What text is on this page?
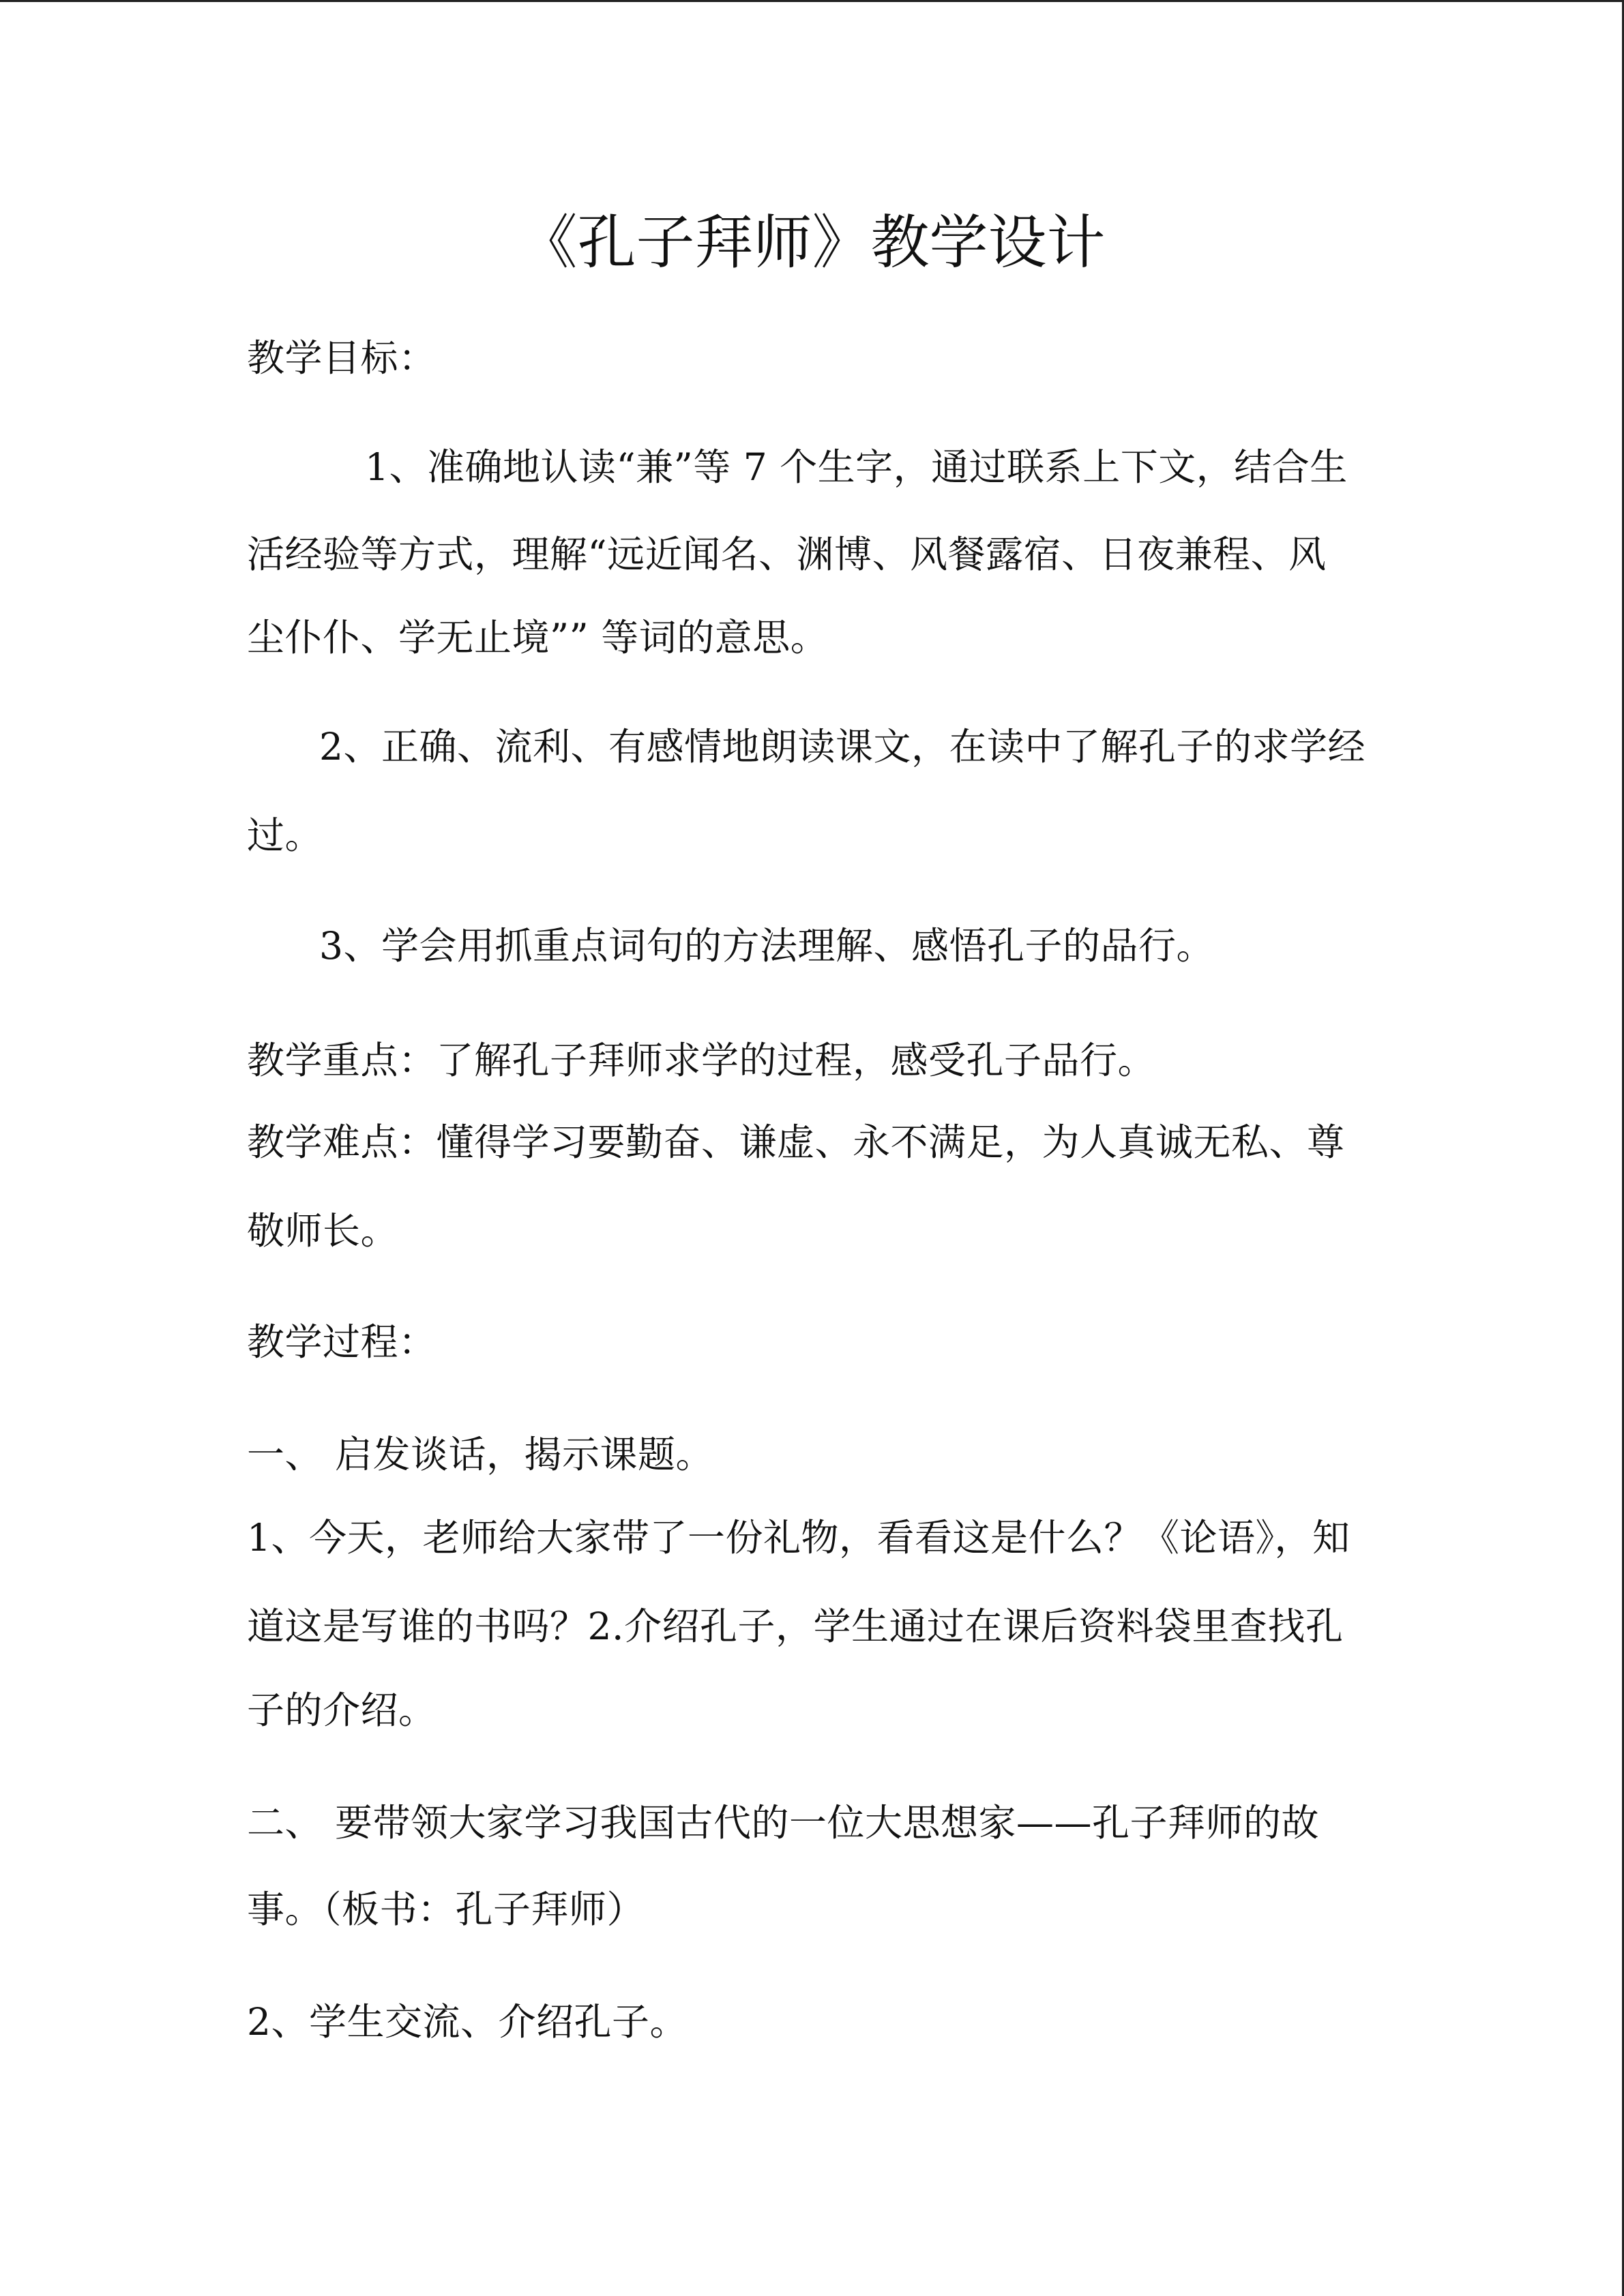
《孔子拜师》教学设计
教学目标：
1、准确地认读“兼”等 7 个生字，通过联系上下文，结合生
活经验等方式，理解“远近闻名、渊博、风餐露宿、日夜兼程、风
尘仆仆、学无止境”” 等词的意思。
2、正确、流利、有感情地朗读课文，在读中了解孔子的求学经
过。
3、学会用抓重点词句的方法理解、感悟孔子的品行。
教学重点：了解孔子拜师求学的过程，感受孔子品行。
教学难点：懂得学习要勤奋、谦虚、永不满足，为人真诚无私、尊
敬师长。
教学过程：
一、 启发谈话，揭示课题。
1、今天，老师给大家带了一份礼物，看看这是什么？《论语》，知
道这是写谁的书吗？2.介绍孔子，学生通过在课后资料袋里查找孔
子的介绍。
二、 要带领大家学习我国古代的一位大思想家——孔子拜师的故
事。（板书：孔子拜师）
2、学生交流、介绍孔子。
